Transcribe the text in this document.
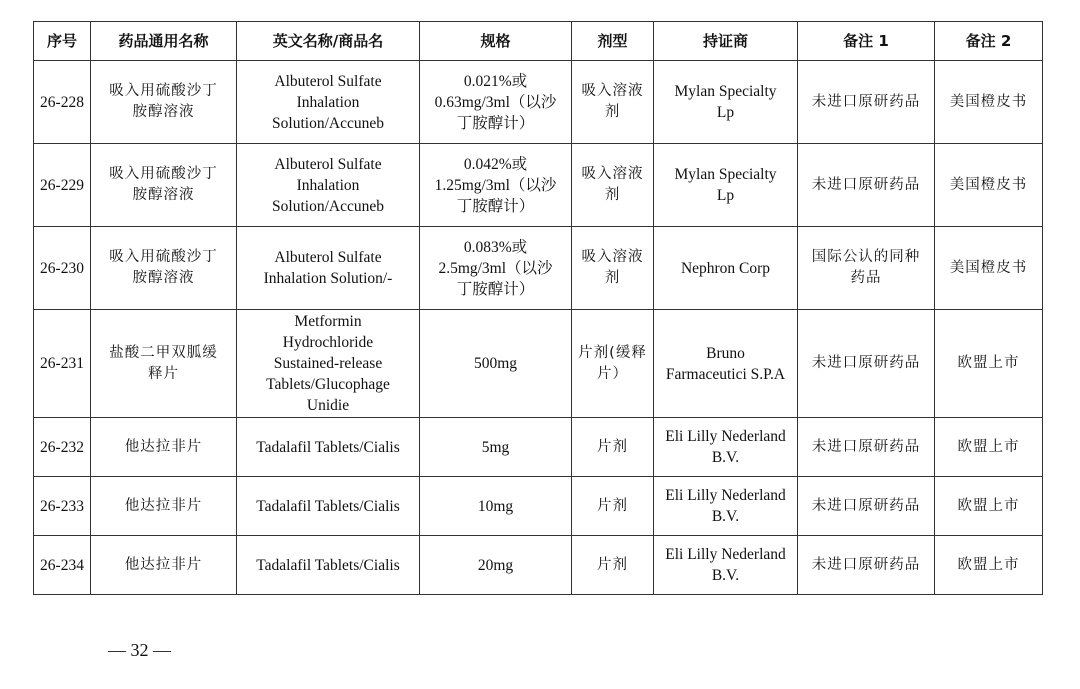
序号	药品通用名称	英文名称/商品名	规格	剂型	持证商	备注 1	备注 2
26-228	吸入用硫酸沙丁
胺醇溶液	Albuterol Sulfate
Inhalation
Solution/Accuneb	0.021%或
0.63mg/3ml（以沙
丁胺醇计）	吸入溶液
剂	Mylan Specialty
Lp	未进口原研药品	美国橙皮书
26-229	吸入用硫酸沙丁
胺醇溶液	Albuterol Sulfate
Inhalation
Solution/Accuneb	0.042%或
1.25mg/3ml（以沙
丁胺醇计）	吸入溶液
剂	Mylan Specialty
Lp	未进口原研药品	美国橙皮书
26-230	吸入用硫酸沙丁
胺醇溶液	Albuterol Sulfate
Inhalation Solution/-	0.083%或
2.5mg/3ml（以沙
丁胺醇计）	吸入溶液
剂	Nephron Corp	国际公认的同种
药品	美国橙皮书
26-231	盐酸二甲双胍缓
释片	Metformin
Hydrochloride
Sustained-release
Tablets/Glucophage
Unidie	500mg	片剂(缓释
片）	Bruno
Farmaceutici S.P.A	未进口原研药品	欧盟上市
26-232	他达拉非片	Tadalafil Tablets/Cialis	5mg	片剂	Eli Lilly Nederland
B.V.	未进口原研药品	欧盟上市
26-233	他达拉非片	Tadalafil Tablets/Cialis	10mg	片剂	Eli Lilly Nederland
B.V.	未进口原研药品	欧盟上市
26-234	他达拉非片	Tadalafil Tablets/Cialis	20mg	片剂	Eli Lilly Nederland
B.V.	未进口原研药品	欧盟上市
— 32 —
